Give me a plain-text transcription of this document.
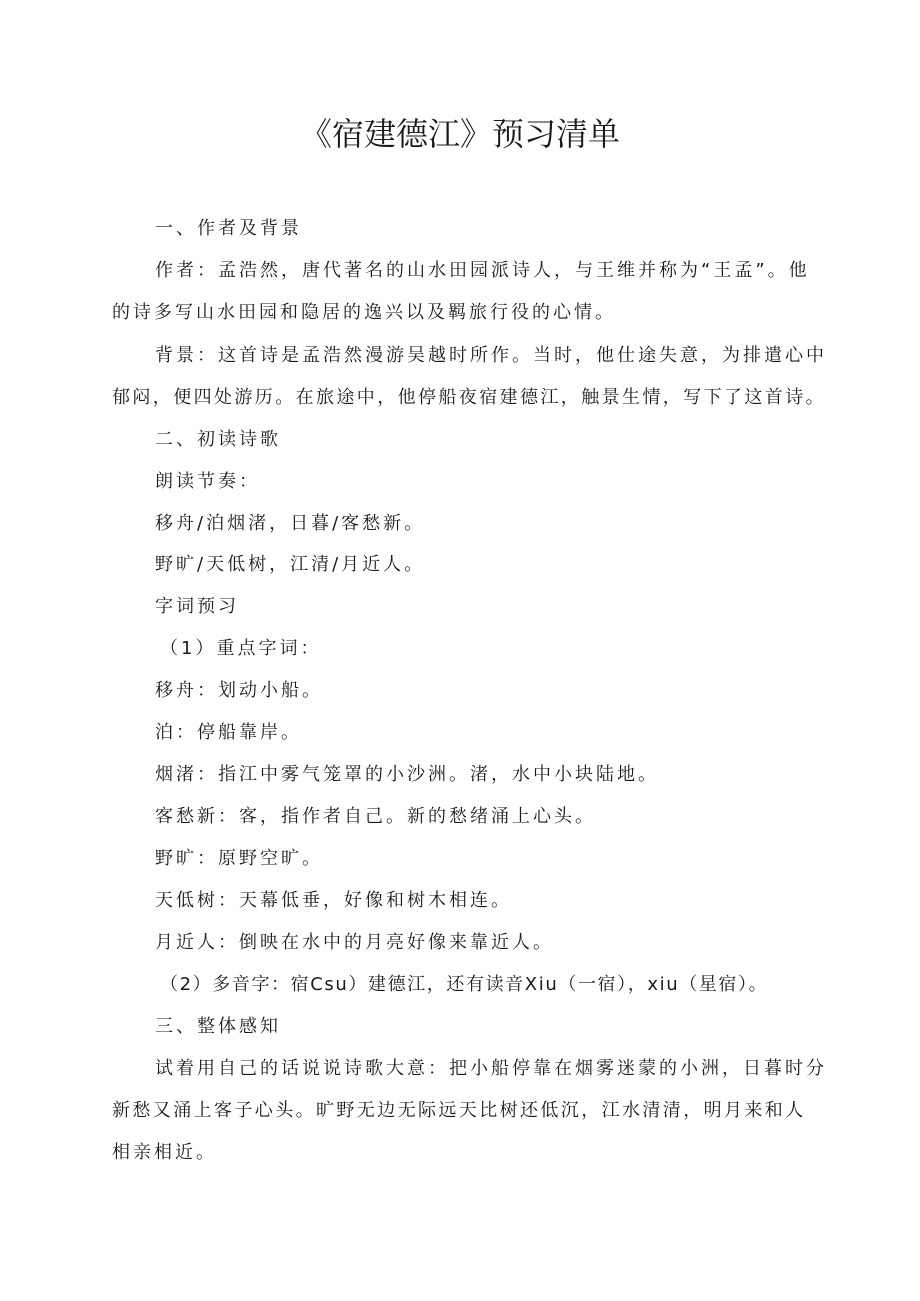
《宿建德江》预习清单

一、作者及背景

作者：孟浩然，唐代著名的山水田园派诗人，与王维并称为“王孟”。他

的诗多写山水田园和隐居的逸兴以及羁旅行役的心情。

背景：这首诗是孟浩然漫游吴越时所作。当时，他仕途失意，为排遣心中

郁闷，便四处游历。在旅途中，他停船夜宿建德江，触景生情，写下了这首诗。

二、初读诗歌

朗读节奏：

移舟/泊烟渚，日暮/客愁新。

野旷/天低树，江清/月近人。

字词预习

（1）重点字词：

移舟：划动小船。

泊：停船靠岸。

烟渚：指江中雾气笼罩的小沙洲。渚，水中小块陆地。

客愁新：客，指作者自己。新的愁绪涌上心头。

野旷：原野空旷。

天低树：天幕低垂，好像和树木相连。

月近人：倒映在水中的月亮好像来靠近人。

（2）多音字：宿Csu）建德江，还有读音Xiu（一宿），xiu（星宿）。

三、整体感知

试着用自己的话说说诗歌大意：把小船停靠在烟雾迷蒙的小洲，日暮时分

新愁又涌上客子心头。旷野无边无际远天比树还低沉，江水清清，明月来和人

相亲相近。
